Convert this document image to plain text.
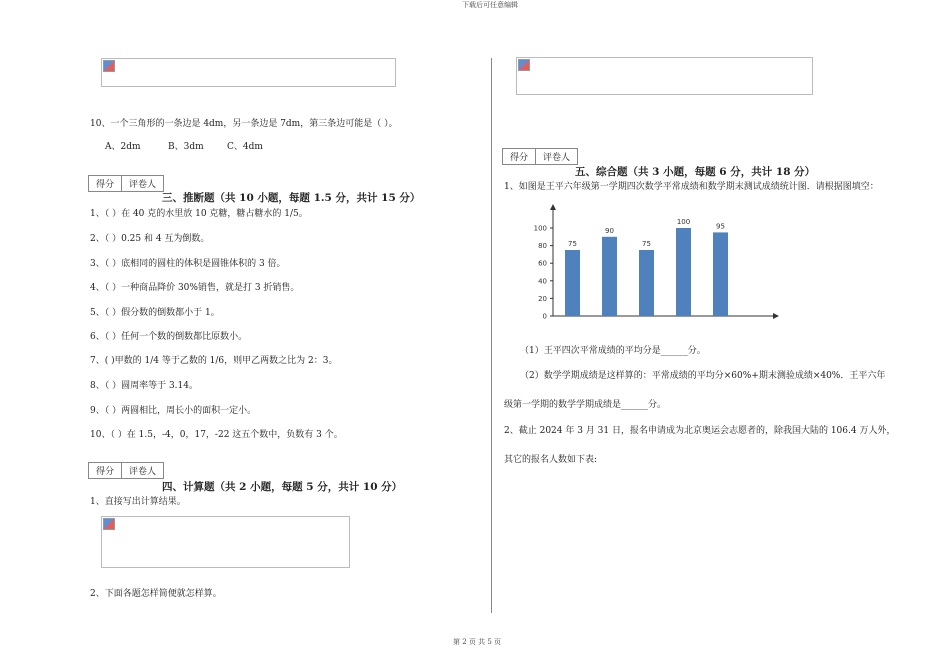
下载后可任意编辑
第 2 页 共 5 页
10、一个三角形的一条边是 4dm，另一条边是 7dm，第三条边可能是（ ）。
A、2dm	B、3dm	C、4dm
得分	评卷人
三、推断题（共 10 小题，每题 1.5 分，共计 15 分）
1、（ ）在 40 克的水里放 10 克糖，糖占糖水的 1/5。
2、（ ）0.25 和 4 互为倒数。
3、（ ）底相同的圆柱的体积是圆锥体积的 3 倍。
4、（ ）一种商品降价 30%销售，就是打 3 折销售。
5、（ ）假分数的倒数都小于 1。
6、（ ）任何一个数的倒数都比原数小。
7、( )甲数的 1/4 等于乙数的 1/6，则甲乙两数之比为 2：3。
8、（ ）圆周率等于 3.14。
9、（ ）两圆相比，周长小的面积一定小。
10、（ ）在 1.5，-4，0，17，-22 这五个数中，负数有 3 个。
得分	评卷人
四、计算题（共 2 小题，每题 5 分，共计 10 分）
1、直接写出计算结果。
2、下面各题怎样简便就怎样算。
得分	评卷人
五、综合题（共 3 小题，每题 6 分，共计 18 分）
1、如图是王平六年级第一学期四次数学平常成绩和数学期末测试成绩统计图．请根据图填空：
0
20
40
60
80
100
75
90
75
100
95
（1）王平四次平常成绩的平均分是______分。
（2）数学学期成绩是这样算的：平常成绩的平均分×60%+期末测验成绩×40%．王平六年
级第一学期的数学学期成绩是______分。
2、截止 2024 年 3 月 31 日，报名申请成为北京奥运会志愿者的，除我国大陆的 106.4 万人外，
其它的报名人数如下表:
